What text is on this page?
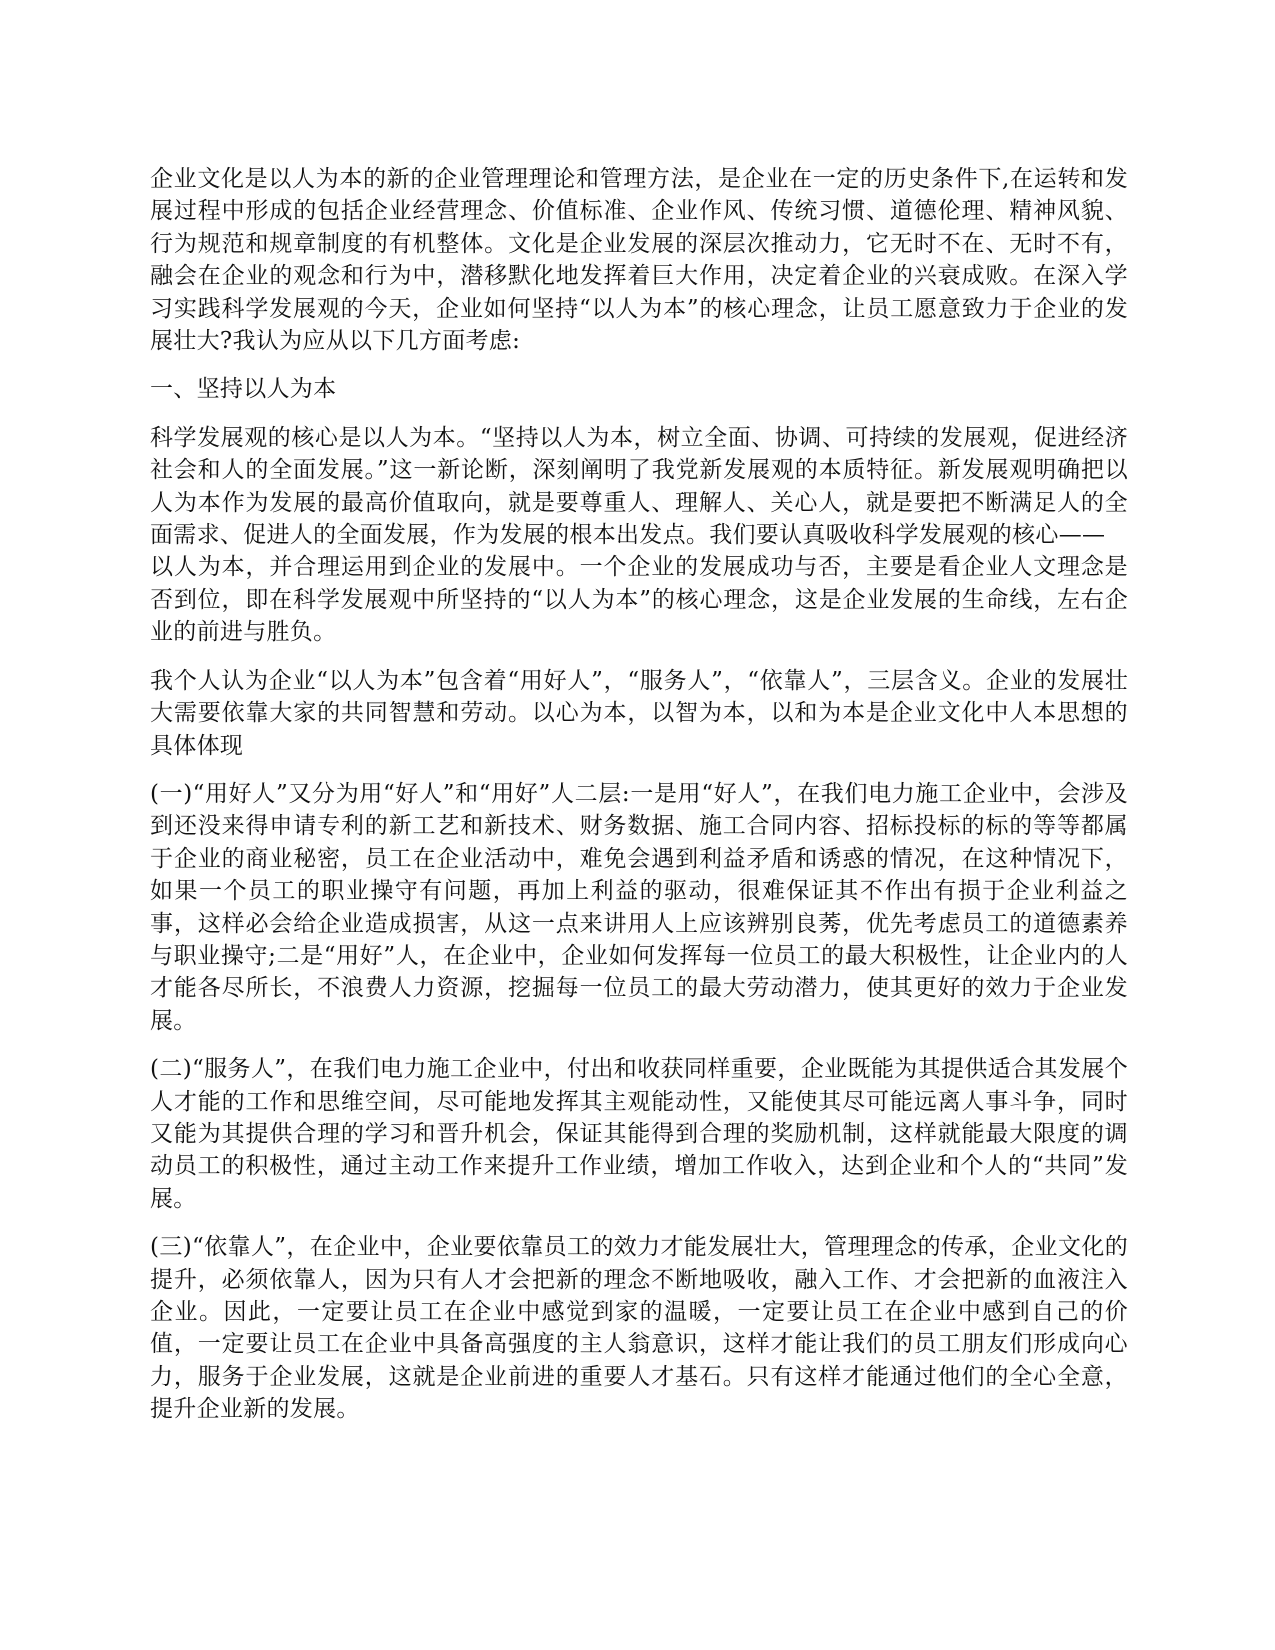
企业文化是以人为本的新的企业管理理论和管理方法，是企业在一定的历史条件下,在运转和发展过程中形成的包括企业经营理念、价值标准、企业作风、传统习惯、道德伦理、精神风貌、行为规范和规章制度的有机整体。文化是企业发展的深层次推动力，它无时不在、无时不有，融会在企业的观念和行为中，潜移默化地发挥着巨大作用，决定着企业的兴衰成败。在深入学习实践科学发展观的今天，企业如何坚持“以人为本”的核心理念，让员工愿意致力于企业的发展壮大?我认为应从以下几方面考虑:

一、坚持以人为本

科学发展观的核心是以人为本。“坚持以人为本，树立全面、协调、可持续的发展观，促进经济社会和人的全面发展。”这一新论断，深刻阐明了我党新发展观的本质特征。新发展观明确把以人为本作为发展的最高价值取向，就是要尊重人、理解人、关心人，就是要把不断满足人的全面需求、促进人的全面发展，作为发展的根本出发点。我们要认真吸收科学发展观的核心——

以人为本，并合理运用到企业的发展中。一个企业的发展成功与否，主要是看企业人文理念是否到位，即在科学发展观中所坚持的“以人为本”的核心理念，这是企业发展的生命线，左右企业的前进与胜负。

我个人认为企业“以人为本”包含着“用好人”，“服务人”，“依靠人”，三层含义。企业的发展壮大需要依靠大家的共同智慧和劳动。以心为本，以智为本，以和为本是企业文化中人本思想的具体体现

(一)“用好人”又分为用“好人”和“用好”人二层:一是用“好人”，在我们电力施工企业中，会涉及到还没来得申请专利的新工艺和新技术、财务数据、施工合同内容、招标投标的标的等等都属于企业的商业秘密，员工在企业活动中，难免会遇到利益矛盾和诱惑的情况，在这种情况下，如果一个员工的职业操守有问题，再加上利益的驱动，很难保证其不作出有损于企业利益之事，这样必会给企业造成损害，从这一点来讲用人上应该辨别良莠，优先考虑员工的道德素养与职业操守;二是“用好”人，在企业中，企业如何发挥每一位员工的最大积极性，让企业内的人才能各尽所长，不浪费人力资源，挖掘每一位员工的最大劳动潜力，使其更好的效力于企业发展。

(二)“服务人”，在我们电力施工企业中，付出和收获同样重要，企业既能为其提供适合其发展个人才能的工作和思维空间，尽可能地发挥其主观能动性，又能使其尽可能远离人事斗争，同时又能为其提供合理的学习和晋升机会，保证其能得到合理的奖励机制，这样就能最大限度的调动员工的积极性，通过主动工作来提升工作业绩，增加工作收入，达到企业和个人的“共同”发展。

(三)“依靠人”，在企业中，企业要依靠员工的效力才能发展壮大，管理理念的传承，企业文化的提升，必须依靠人，因为只有人才会把新的理念不断地吸收，融入工作、才会把新的血液注入企业。因此，一定要让员工在企业中感觉到家的温暖，一定要让员工在企业中感到自己的价值，一定要让员工在企业中具备高强度的主人翁意识，这样才能让我们的员工朋友们形成向心力，服务于企业发展，这就是企业前进的重要人才基石。只有这样才能通过他们的全心全意，提升企业新的发展。
